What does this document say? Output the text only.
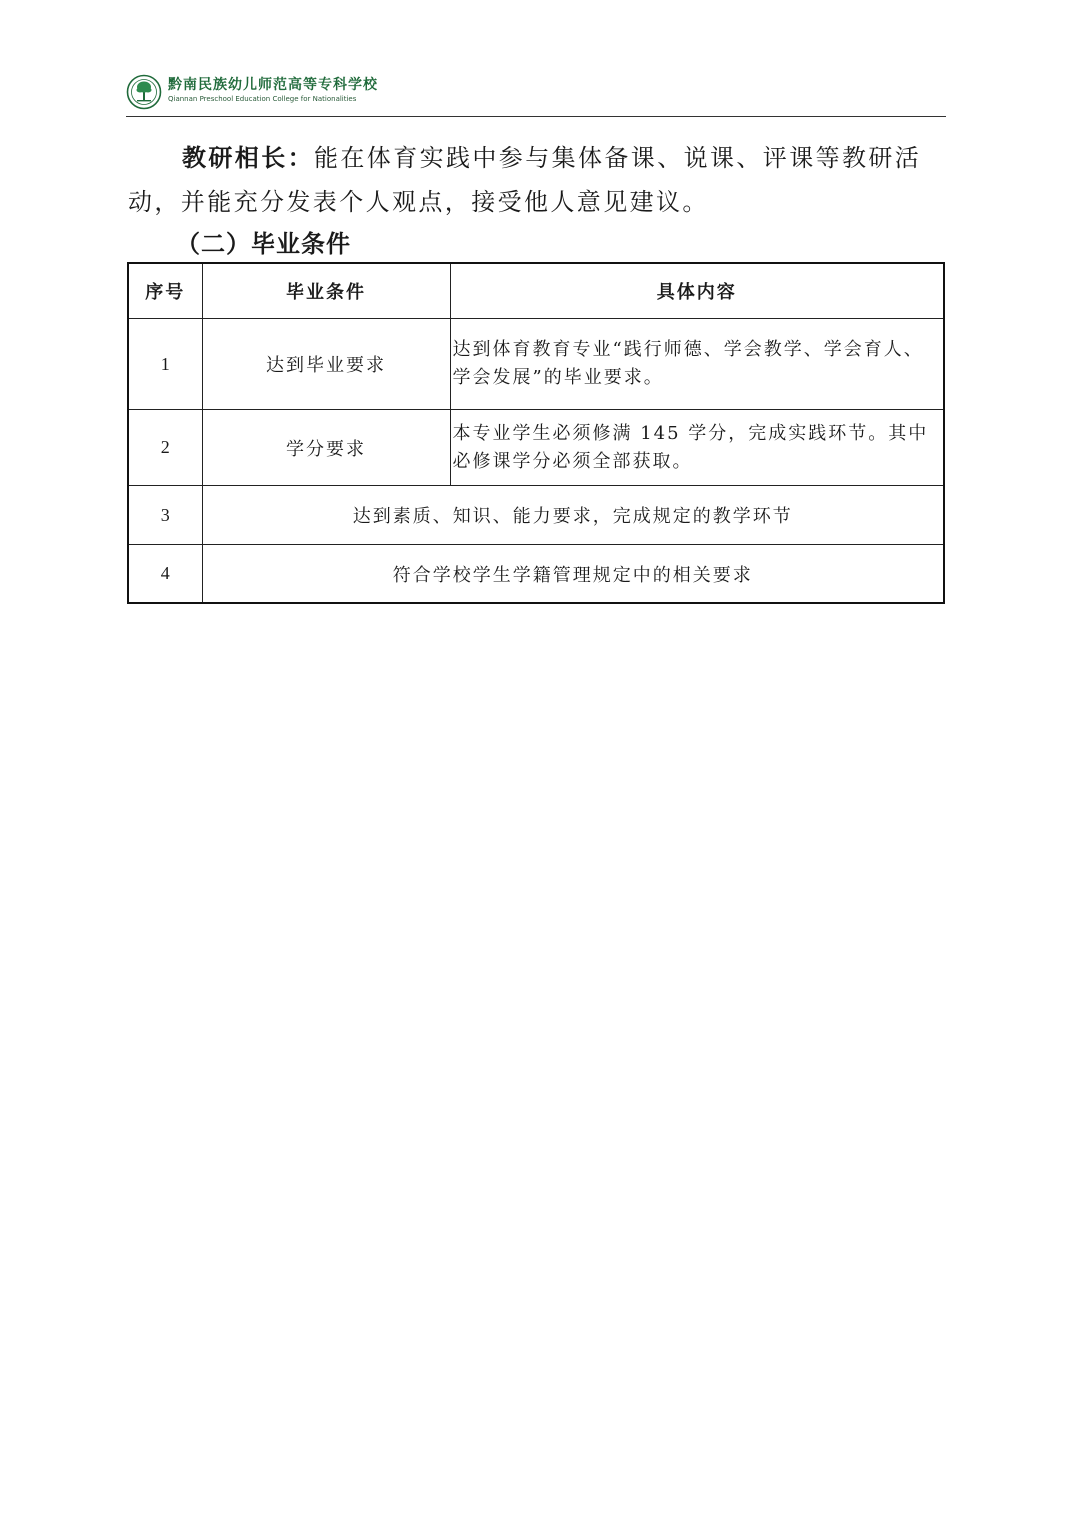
黔南民族幼儿师范高等专科学校
Qiannan Preschool Education College for Nationalities

教研相长：能在体育实践中参与集体备课、说课、评课等教研活动，并能充分发表个人观点，接受他人意见建议。

（二）毕业条件
序号	毕业条件	具体内容
1	达到毕业要求	达到体育教育专业“践行师德、学会教学、学会育人、学会发展”的毕业要求。
2	学分要求	本专业学生必须修满 145 学分，完成实践环节。其中必修课学分必须全部获取。
3	达到素质、知识、能力要求，完成规定的教学环节	
4	符合学校学生学籍管理规定中的相关要求	
